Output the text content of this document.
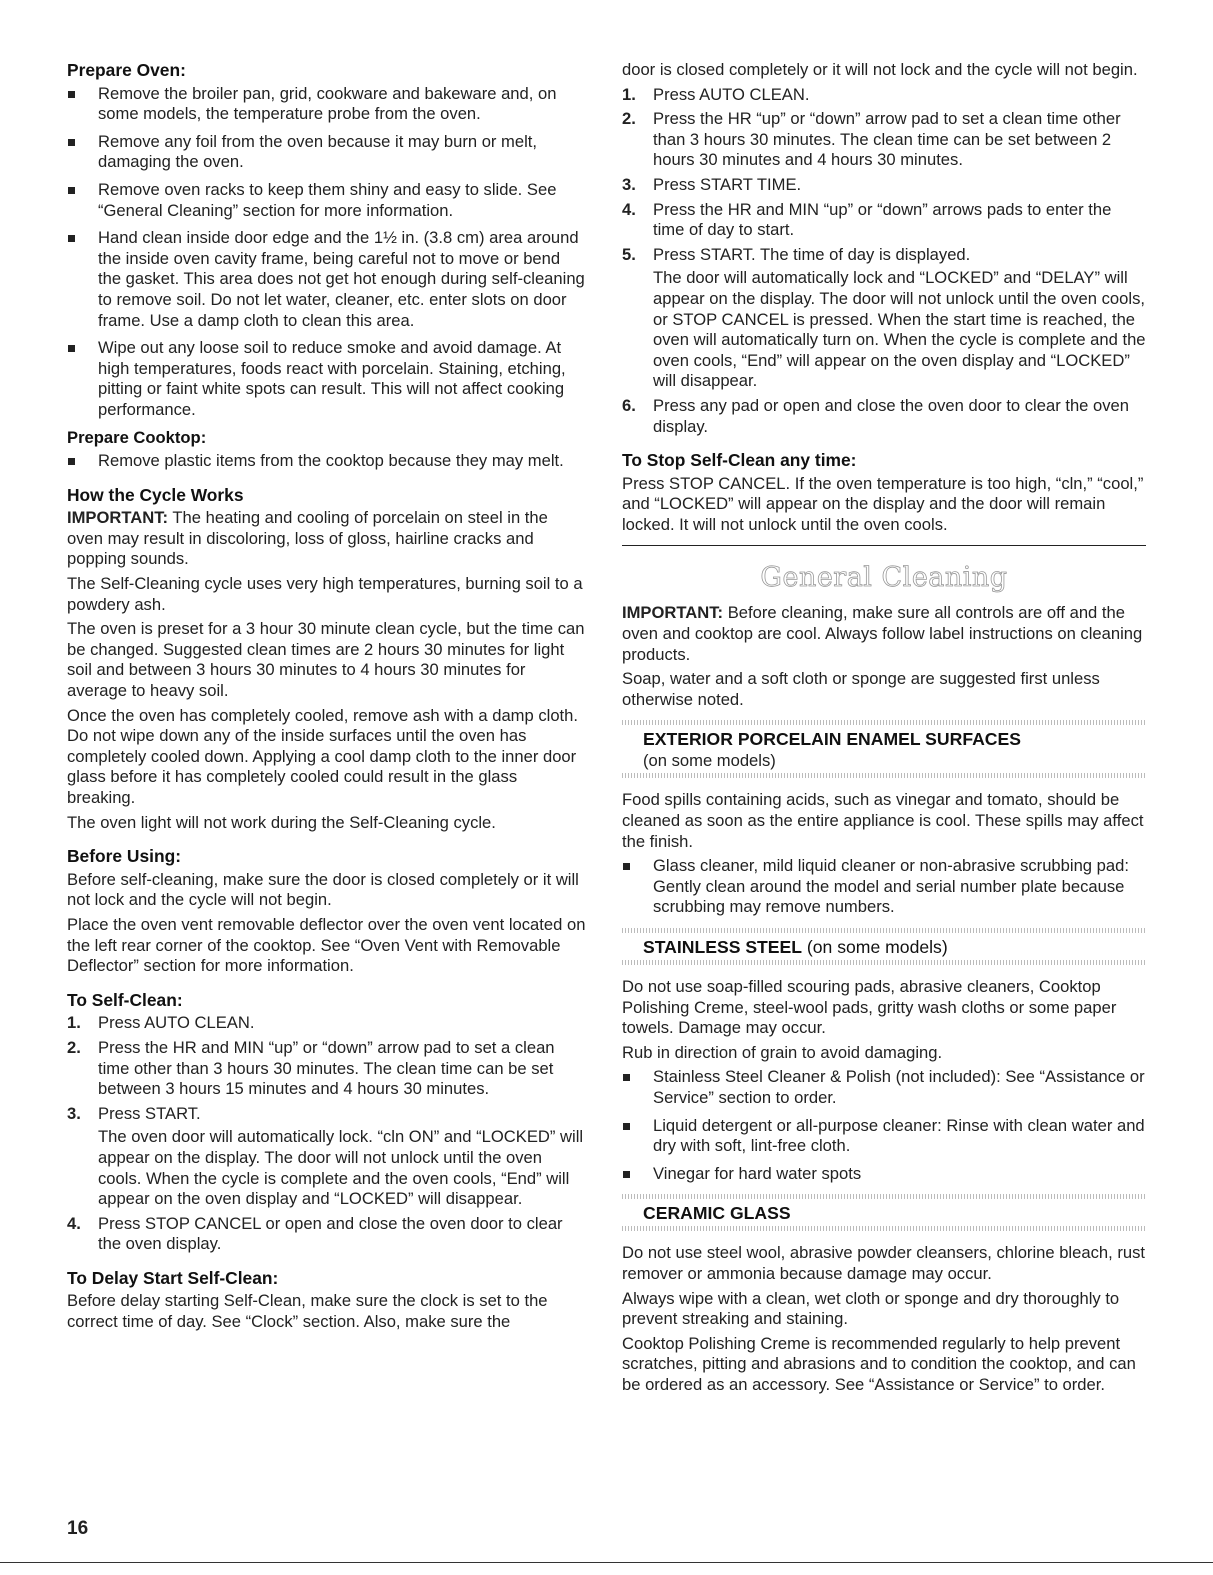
Prepare Oven:
Remove the broiler pan, grid, cookware and bakeware and, on some models, the temperature probe from the oven.
Remove any foil from the oven because it may burn or melt, damaging the oven.
Remove oven racks to keep them shiny and easy to slide. See “General Cleaning” section for more information.
Hand clean inside door edge and the 1½ in. (3.8 cm) area around the inside oven cavity frame, being careful not to move or bend the gasket. This area does not get hot enough during self-cleaning to remove soil. Do not let water, cleaner, etc. enter slots on door frame. Use a damp cloth to clean this area.
Wipe out any loose soil to reduce smoke and avoid damage. At high temperatures, foods react with porcelain. Staining, etching, pitting or faint white spots can result. This will not affect cooking performance.
Prepare Cooktop:
Remove plastic items from the cooktop because they may melt.
How the Cycle Works

IMPORTANT: The heating and cooling of porcelain on steel in the oven may result in discoloring, loss of gloss, hairline cracks and popping sounds.

The Self-Cleaning cycle uses very high temperatures, burning soil to a powdery ash.

The oven is preset for a 3 hour 30 minute clean cycle, but the time can be changed. Suggested clean times are 2 hours 30 minutes for light soil and between 3 hours 30 minutes to 4 hours 30 minutes for average to heavy soil.

Once the oven has completely cooled, remove ash with a damp cloth. Do not wipe down any of the inside surfaces until the oven has completely cooled down. Applying a cool damp cloth to the inner door glass before it has completely cooled could result in the glass breaking.

The oven light will not work during the Self-Cleaning cycle.

Before Using:

Before self-cleaning, make sure the door is closed completely or it will not lock and the cycle will not begin.

Place the oven vent removable deflector over the oven vent located on the left rear corner of the cooktop. See “Oven Vent with Removable Deflector” section for more information.

To Self-Clean:
1. Press AUTO CLEAN.
2. Press the HR and MIN “up” or “down” arrow pad to set a clean time other than 3 hours 30 minutes. The clean time can be set between 3 hours 15 minutes and 4 hours 30 minutes.
3. Press START.

The oven door will automatically lock. “cln ON” and “LOCKED” will appear on the display. The door will not unlock until the oven cools. When the cycle is complete and the oven cools, “End” will appear on the oven display and “LOCKED” will disappear.

4. Press STOP CANCEL or open and close the oven door to clear the oven display.
To Delay Start Self-Clean:

Before delay starting Self-Clean, make sure the clock is set to the correct time of day. See “Clock” section. Also, make sure the

door is closed completely or it will not lock and the cycle will not begin.

1. Press AUTO CLEAN.
2. Press the HR “up” or “down” arrow pad to set a clean time other than 3 hours 30 minutes. The clean time can be set between 2 hours 30 minutes and 4 hours 30 minutes.
3. Press START TIME.
4. Press the HR and MIN “up” or “down” arrows pads to enter the time of day to start.
5. Press START. The time of day is displayed.

The door will automatically lock and “LOCKED” and “DELAY” will appear on the display. The door will not unlock until the oven cools, or STOP CANCEL is pressed. When the start time is reached, the oven will automatically turn on. When the cycle is complete and the oven cools, “End” will appear on the oven display and “LOCKED” will disappear.

6. Press any pad or open and close the oven door to clear the oven display.
To Stop Self-Clean any time:

Press STOP CANCEL. If the oven temperature is too high, “cln,” “cool,” and “LOCKED” will appear on the display and the door will remain locked. It will not unlock until the oven cools.

General Cleaning

IMPORTANT: Before cleaning, make sure all controls are off and the oven and cooktop are cool. Always follow label instructions on cleaning products.

Soap, water and a soft cloth or sponge are suggested first unless otherwise noted.

EXTERIOR PORCELAIN ENAMEL SURFACES
(on some models)

Food spills containing acids, such as vinegar and tomato, should be cleaned as soon as the entire appliance is cool. These spills may affect the finish.

Glass cleaner, mild liquid cleaner or non-abrasive scrubbing pad: Gently clean around the model and serial number plate because scrubbing may remove numbers.
STAINLESS STEEL (on some models)

Do not use soap-filled scouring pads, abrasive cleaners, Cooktop Polishing Creme, steel-wool pads, gritty wash cloths or some paper towels. Damage may occur.

Rub in direction of grain to avoid damaging.

Stainless Steel Cleaner & Polish (not included): See “Assistance or Service” section to order.
Liquid detergent or all-purpose cleaner: Rinse with clean water and dry with soft, lint-free cloth.
Vinegar for hard water spots
CERAMIC GLASS

Do not use steel wool, abrasive powder cleansers, chlorine bleach, rust remover or ammonia because damage may occur.

Always wipe with a clean, wet cloth or sponge and dry thoroughly to prevent streaking and staining.

Cooktop Polishing Creme is recommended regularly to help prevent scratches, pitting and abrasions and to condition the cooktop, and can be ordered as an accessory. See “Assistance or Service” to order.

16
